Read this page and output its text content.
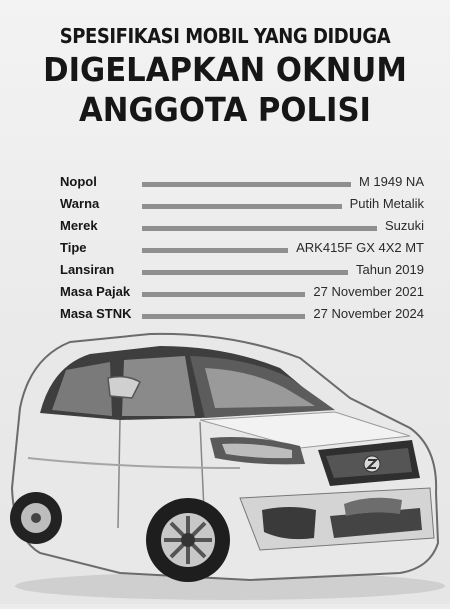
SPESIFIKASI MOBIL YANG DIDUGA
DIGELAPKAN OKNUM
ANGGOTA POLISI
Nopol	M 1949 NA
Warna	Putih Metalik
Merek	Suzuki
Tipe	ARK415F GX 4X2 MT
Lansiran	Tahun 2019
Masa Pajak	27 November 2021
Masa STNK	27 November 2024
